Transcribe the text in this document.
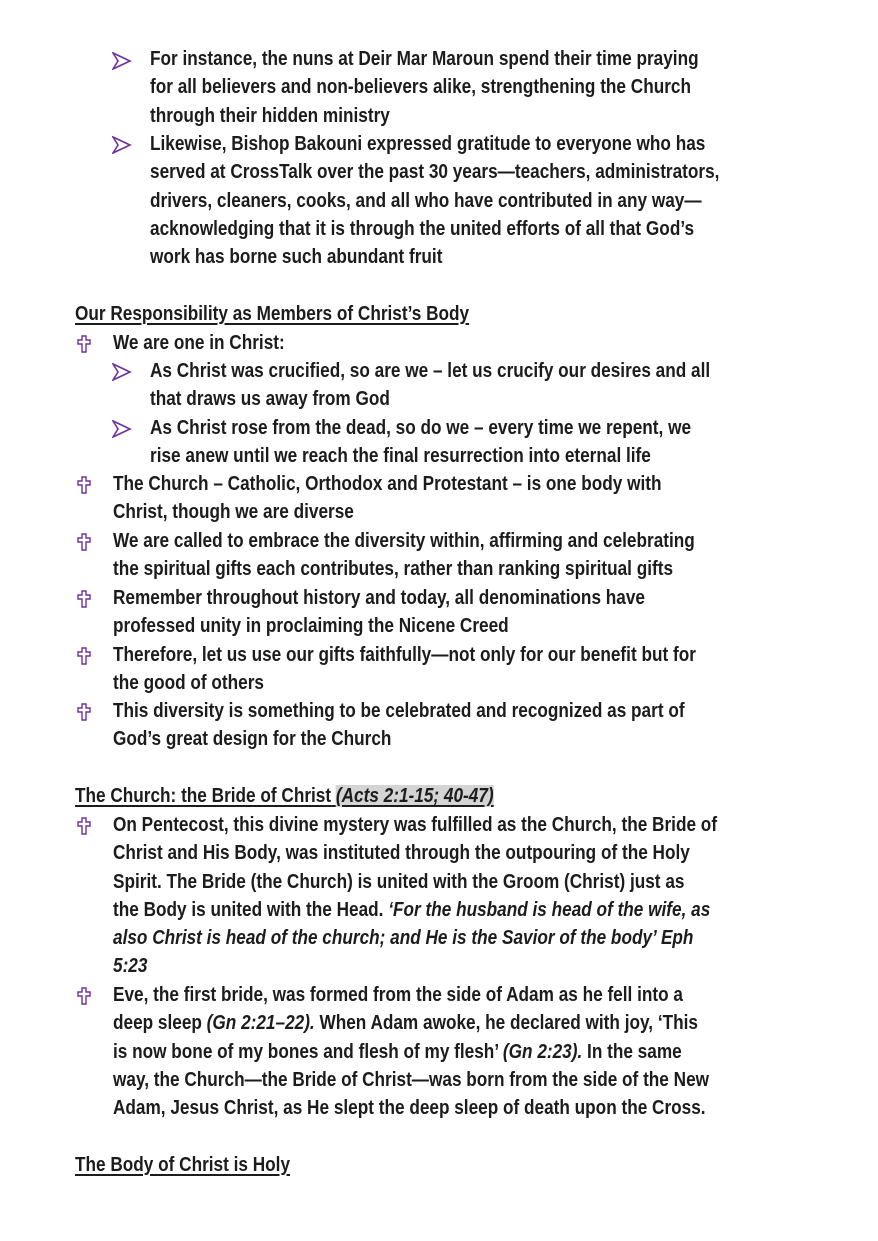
For instance, the nuns at Deir Mar Maroun spend their time praying

for all believers and non-believers alike, strengthening the Church

through their hidden ministry

Likewise, Bishop Bakouni expressed gratitude to everyone who has

served at CrossTalk over the past 30 years—teachers, administrators,

drivers, cleaners, cooks, and all who have contributed in any way—

acknowledging that it is through the united efforts of all that God’s

work has borne such abundant fruit

Our Responsibility as Members of Christ’s Body

We are one in Christ:

As Christ was crucified, so are we – let us crucify our desires and all

that draws us away from God

As Christ rose from the dead, so do we – every time we repent, we

rise anew until we reach the final resurrection into eternal life

The Church – Catholic, Orthodox and Protestant – is one body with

Christ, though we are diverse

We are called to embrace the diversity within, affirming and celebrating

the spiritual gifts each contributes, rather than ranking spiritual gifts

Remember throughout history and today, all denominations have

professed unity in proclaiming the Nicene Creed

Therefore, let us use our gifts faithfully—not only for our benefit but for

the good of others

This diversity is something to be celebrated and recognized as part of

God’s great design for the Church

The Church: the Bride of Christ (Acts 2:1-15; 40-47)

On Pentecost, this divine mystery was fulfilled as the Church, the Bride of

Christ and His Body, was instituted through the outpouring of the Holy

Spirit. The Bride (the Church) is united with the Groom (Christ) just as

the Body is united with the Head. ‘For the husband is head of the wife, as

also Christ is head of the church; and He is the Savior of the body’ Eph

5:23

Eve, the first bride, was formed from the side of Adam as he fell into a

deep sleep (Gn 2:21–22). When Adam awoke, he declared with joy, ‘This

is now bone of my bones and flesh of my flesh’ (Gn 2:23). In the same

way, the Church—the Bride of Christ—was born from the side of the New

Adam, Jesus Christ, as He slept the deep sleep of death upon the Cross.

The Body of Christ is Holy
